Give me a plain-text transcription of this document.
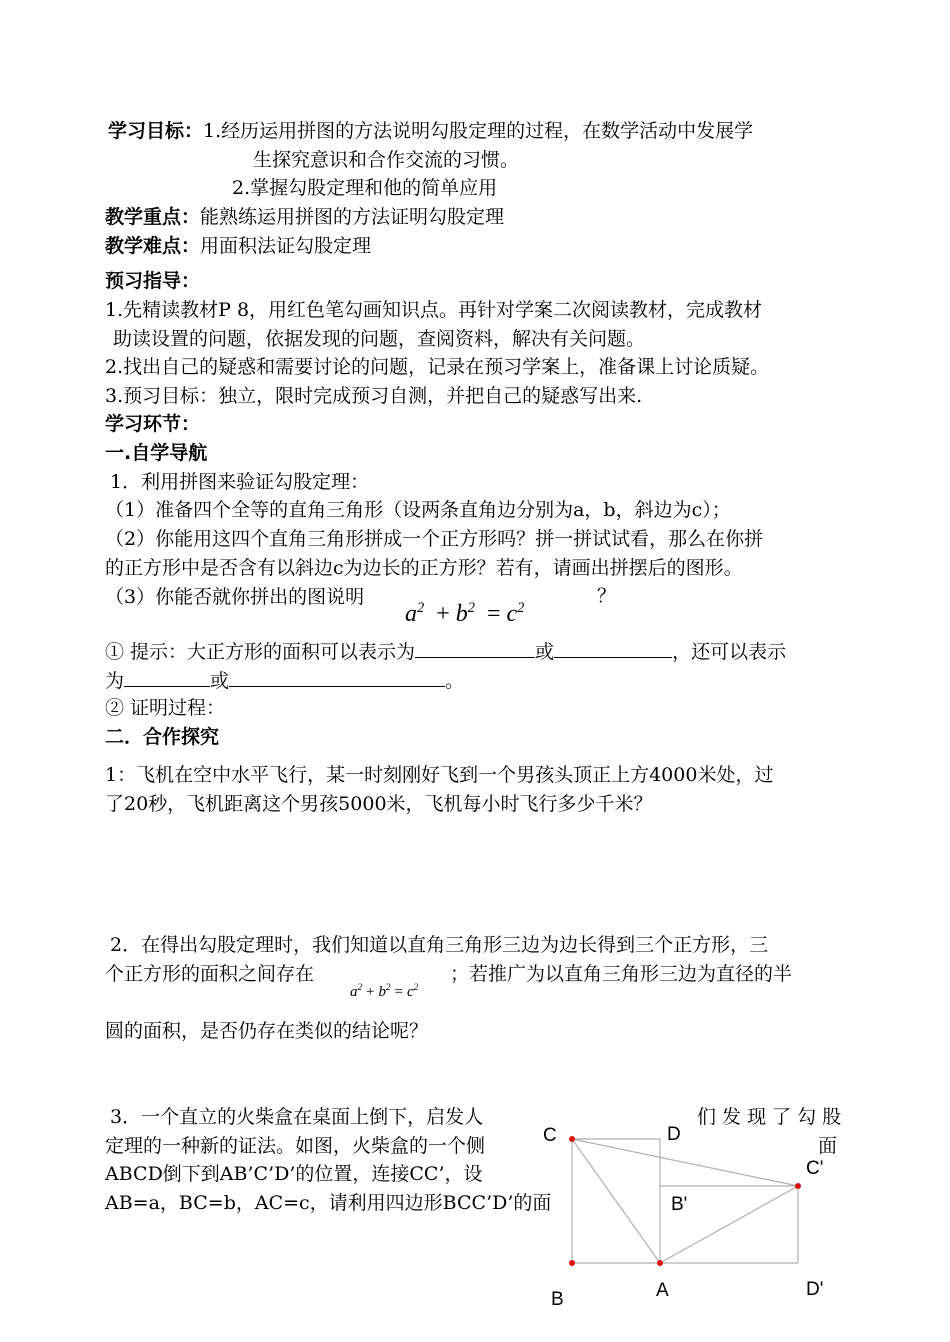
学习目标：1.经历运用拼图的方法说明勾股定理的过程，在数学活动中发展学
生探究意识和合作交流的习惯。
2.掌握勾股定理和他的简单应用
教学重点：能熟练运用拼图的方法证明勾股定理
教学难点：用面积法证勾股定理
预习指导：
1.先精读教材P 8，用红色笔勾画知识点。再针对学案二次阅读教材，完成教材
助读设置的问题，依据发现的问题，查阅资料，解决有关问题。
2.找出自己的疑惑和需要讨论的问题，记录在预习学案上，准备课上讨论质疑。
3.预习目标：独立，限时完成预习自测，并把自己的疑惑写出来.
学习环节：
一.自学导航
1．利用拼图来验证勾股定理：
（1）准备四个全等的直角三角形（设两条直角边分别为a，b，斜边为c）；
（2）你能用这四个直角三角形拼成一个正方形吗？拼一拼试试看，那么在你拼
的正方形中是否含有以斜边c为边长的正方形？若有，请画出拼摆后的图形。
（3）你能否就你拼出的图说明
$a^2 + b^2 = c^2$
？
① 提示：大正方形的面积可以表示为	或	，还可以表示
为	或	。
② 证明过程：
二．合作探究
1：飞机在空中水平飞行，某一时刻刚好飞到一个男孩头顶正上方4000米处，过
了20秒，飞机距离这个男孩5000米，飞机每小时飞行多少千米？
2．在得出勾股定理时，我们知道以直角三角形三边为边长得到三个正方形，三
个正方形的面积之间存在
$a^2 + b^2 = c^2$
；若推广为以直角三角形三边为直径的半
圆的面积，是否仍存在类似的结论呢？
3．一个直立的火柴盒在桌面上倒下，启发人	们 发 现 了 勾 股
定理的一种新的证法。如图，火柴盒的一个侧	面
ABCD倒下到AB’C’D’的位置，连接CC’，设
AB=a，BC=b，AC=c，请利用四边形BCC’D’的面
C	D
C'
B'
B	A	D'
